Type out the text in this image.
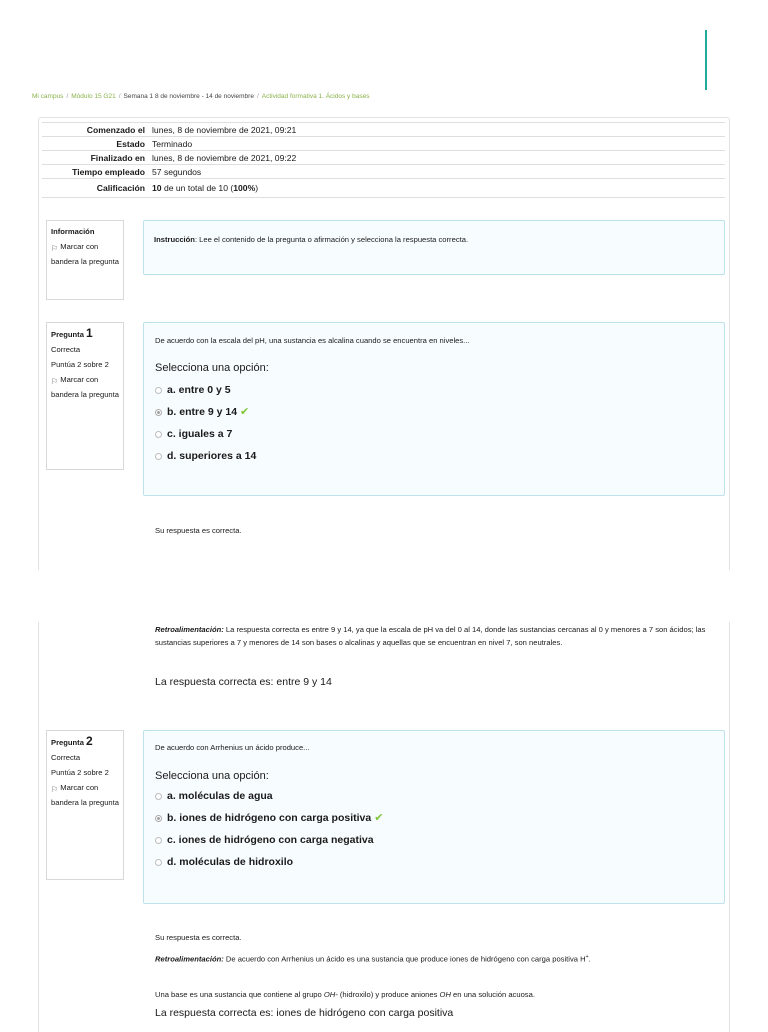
Mi campus / Módulo 15 G21 / Semana 1 8 de noviembre - 14 de noviembre / Actividad formativa 1. Ácidos y bases
Comenzado el	lunes, 8 de noviembre de 2021, 09:21
Estado	Terminado
Finalizado en	lunes, 8 de noviembre de 2021, 09:22
Tiempo empleado	57 segundos
Calificación	10 de un total de 10 (100%)
Información
⚐ Marcar con bandera la pregunta
Instrucción: Lee el contenido de la pregunta o afirmación y selecciona la respuesta correcta.
Pregunta 1
Correcta
Puntúa 2 sobre 2
⚐ Marcar con bandera la pregunta
De acuerdo con la escala del pH, una sustancia es alcalina cuando se encuentra en niveles...
Selecciona una opción:
a. entre 0 y 5
b. entre 9 y 14 ✔
c. iguales a 7
d. superiores a 14
Su respuesta es correcta.
Retroalimentación: La respuesta correcta es entre 9 y 14, ya que la escala de pH va del 0 al 14, donde las sustancias cercanas al 0 y menores a 7 son ácidos; las sustancias superiores a 7 y menores de 14 son bases o alcalinas y aquellas que se encuentran en nivel 7, son neutrales.
La respuesta correcta es: entre 9 y 14
Pregunta 2
Correcta
Puntúa 2 sobre 2
⚐ Marcar con bandera la pregunta
De acuerdo con Arrhenius un ácido produce...
Selecciona una opción:
a. moléculas de agua
b. iones de hidrógeno con carga positiva ✔
c. iones de hidrógeno con carga negativa
d. moléculas de hidroxilo
Su respuesta es correcta.
Retroalimentación: De acuerdo con Arrhenius un ácido es una sustancia que produce iones de hidrógeno con carga positiva H+.
Una base es una sustancia que contiene al grupo OH- (hidroxilo) y produce aniones OH en una solución acuosa.
La respuesta correcta es: iones de hidrógeno con carga positiva
